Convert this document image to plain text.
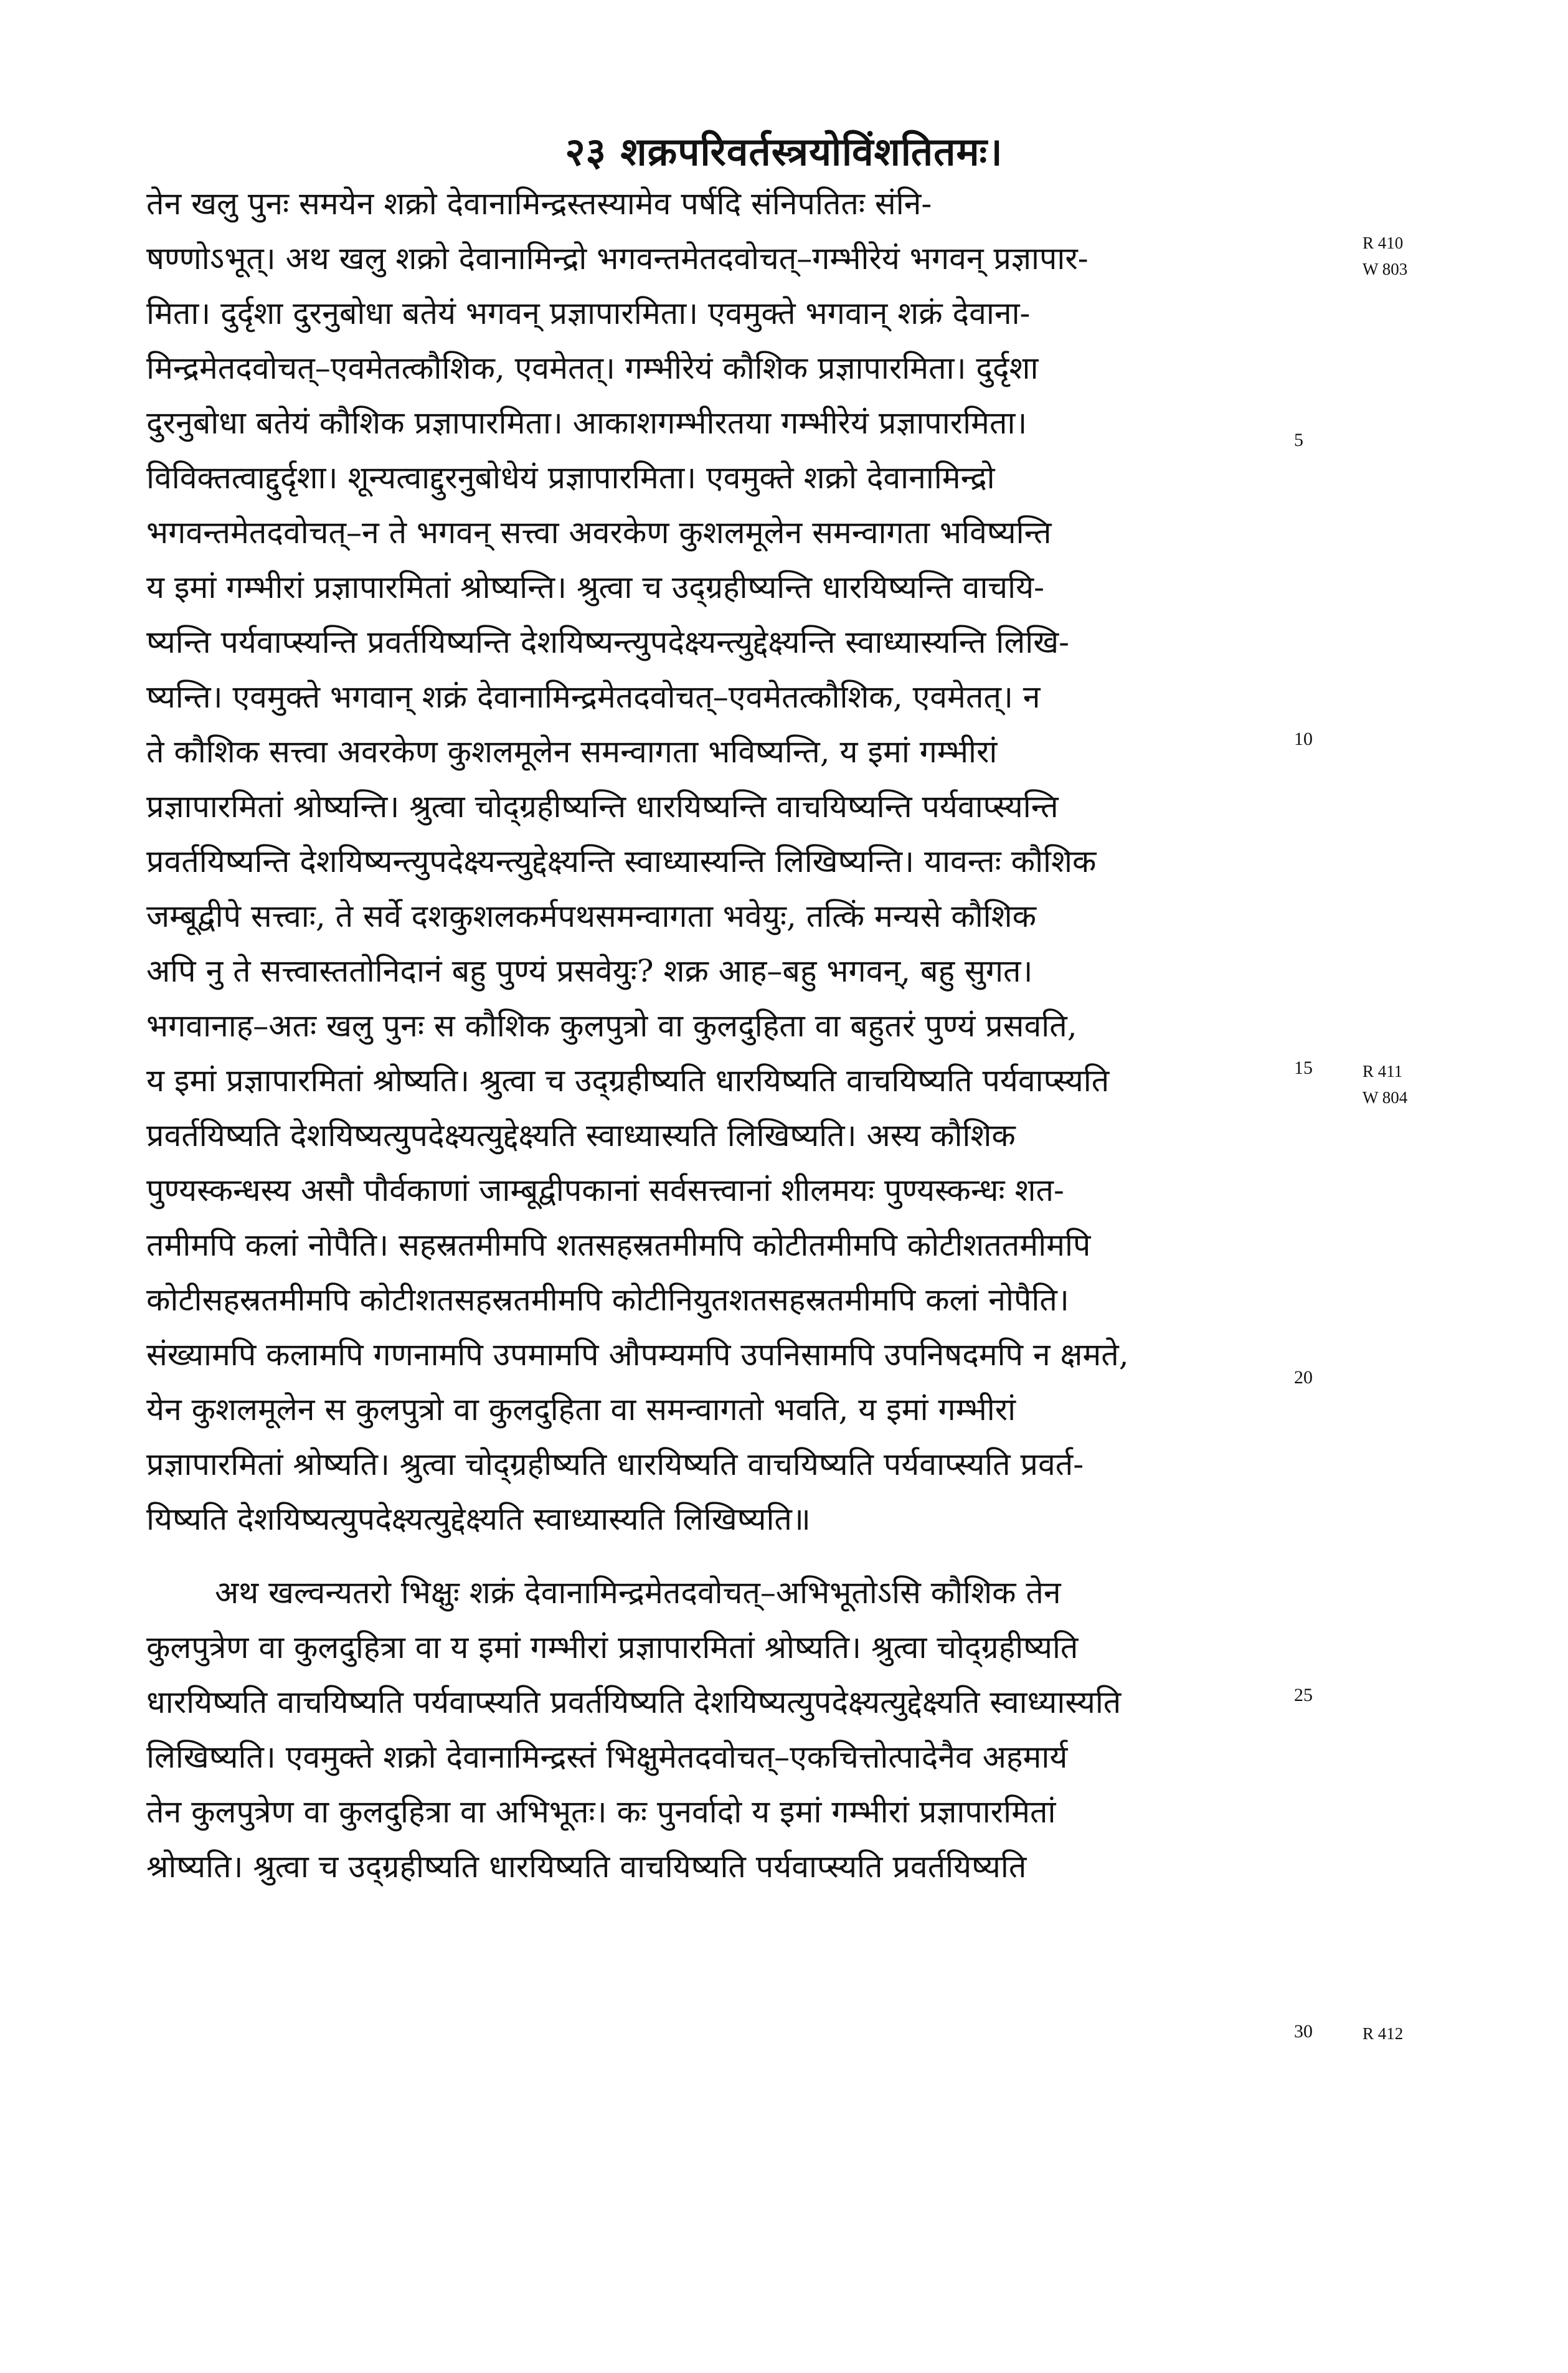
२३ शक्रपरिवर्तस्त्रयोविंशतितमः।
तेन खलु पुनः समयेन शक्रो देवानामिन्द्रस्तस्यामेव पर्षदि संनिपतितः संनि-
षण्णोऽभूत्। अथ खलु शक्रो देवानामिन्द्रो भगवन्तमेतदवोचत्–गम्भीरेयं भगवन् प्रज्ञापार-
मिता। दुर्दृशा दुरनुबोधा बतेयं भगवन् प्रज्ञापारमिता। एवमुक्ते भगवान् शक्रं देवाना-
मिन्द्रमेतदवोचत्–एवमेतत्कौशिक, एवमेतत्। गम्भीरेयं कौशिक प्रज्ञापारमिता। दुर्दृशा
दुरनुबोधा बतेयं कौशिक प्रज्ञापारमिता। आकाशगम्भीरतया गम्भीरेयं प्रज्ञापारमिता।
विविक्तत्वाद्दुर्दृशा। शून्यत्वाद्दुरनुबोधेयं प्रज्ञापारमिता। एवमुक्ते शक्रो देवानामिन्द्रो
भगवन्तमेतदवोचत्–न ते भगवन् सत्त्वा अवरकेण कुशलमूलेन समन्वागता भविष्यन्ति
य इमां गम्भीरां प्रज्ञापारमितां श्रोष्यन्ति। श्रुत्वा च उद्ग्रहीष्यन्ति धारयिष्यन्ति वाचयि-
ष्यन्ति पर्यवाप्स्यन्ति प्रवर्तयिष्यन्ति देशयिष्यन्त्युपदेक्ष्यन्त्युद्देक्ष्यन्ति स्वाध्यास्यन्ति लिखि-
ष्यन्ति। एवमुक्ते भगवान् शक्रं देवानामिन्द्रमेतदवोचत्–एवमेतत्कौशिक, एवमेतत्। न
ते कौशिक सत्त्वा अवरकेण कुशलमूलेन समन्वागता भविष्यन्ति, य इमां गम्भीरां
प्रज्ञापारमितां श्रोष्यन्ति। श्रुत्वा चोद्ग्रहीष्यन्ति धारयिष्यन्ति वाचयिष्यन्ति पर्यवाप्स्यन्ति
प्रवर्तयिष्यन्ति देशयिष्यन्त्युपदेक्ष्यन्त्युद्देक्ष्यन्ति स्वाध्यास्यन्ति लिखिष्यन्ति। यावन्तः कौशिक
जम्बूद्वीपे सत्त्वाः, ते सर्वे दशकुशलकर्मपथसमन्वागता भवेयुः, तत्किं मन्यसे कौशिक
अपि नु ते सत्त्वास्ततोनिदानं बहु पुण्यं प्रसवेयुः? शक्र आह–बहु भगवन्, बहु सुगत।
भगवानाह–अतः खलु पुनः स कौशिक कुलपुत्रो वा कुलदुहिता वा बहुतरं पुण्यं प्रसवति,
य इमां प्रज्ञापारमितां श्रोष्यति। श्रुत्वा च उद्ग्रहीष्यति धारयिष्यति वाचयिष्यति पर्यवाप्स्यति
प्रवर्तयिष्यति देशयिष्यत्युपदेक्ष्यत्युद्देक्ष्यति स्वाध्यास्यति लिखिष्यति। अस्य कौशिक
पुण्यस्कन्धस्य असौ पौर्वकाणां जाम्बूद्वीपकानां सर्वसत्त्वानां शीलमयः पुण्यस्कन्धः शत-
तमीमपि कलां नोपैति। सहस्रतमीमपि शतसहस्रतमीमपि कोटीतमीमपि कोटीशततमीमपि
कोटीसहस्रतमीमपि कोटीशतसहस्रतमीमपि कोटीनियुतशतसहस्रतमीमपि कलां नोपैति।
संख्यामपि कलामपि गणनामपि उपमामपि औपम्यमपि उपनिसामपि उपनिषदमपि न क्षमते,
येन कुशलमूलेन स कुलपुत्रो वा कुलदुहिता वा समन्वागतो भवति, य इमां गम्भीरां
प्रज्ञापारमितां श्रोष्यति। श्रुत्वा चोद्ग्रहीष्यति धारयिष्यति वाचयिष्यति पर्यवाप्स्यति प्रवर्त-
यिष्यति देशयिष्यत्युपदेक्ष्यत्युद्देक्ष्यति स्वाध्यास्यति लिखिष्यति॥
अथ खल्वन्यतरो भिक्षुः शक्रं देवानामिन्द्रमेतदवोचत्–अभिभूतोऽसि कौशिक तेन
कुलपुत्रेण वा कुलदुहित्रा वा य इमां गम्भीरां प्रज्ञापारमितां श्रोष्यति। श्रुत्वा चोद्ग्रहीष्यति
धारयिष्यति वाचयिष्यति पर्यवाप्स्यति प्रवर्तयिष्यति देशयिष्यत्युपदेक्ष्यत्युद्देक्ष्यति स्वाध्यास्यति
लिखिष्यति। एवमुक्ते शक्रो देवानामिन्द्रस्तं भिक्षुमेतदवोचत्–एकचित्तोत्पादेनैव अहमार्य
तेन कुलपुत्रेण वा कुलदुहित्रा वा अभिभूतः। कः पुनर्वादो य इमां गम्भीरां प्रज्ञापारमितां
श्रोष्यति। श्रुत्वा च उद्ग्रहीष्यति धारयिष्यति वाचयिष्यति पर्यवाप्स्यति प्रवर्तयिष्यति
5
10
15
20
25
30
R 410
W 803
R 411
W 804
R 412
